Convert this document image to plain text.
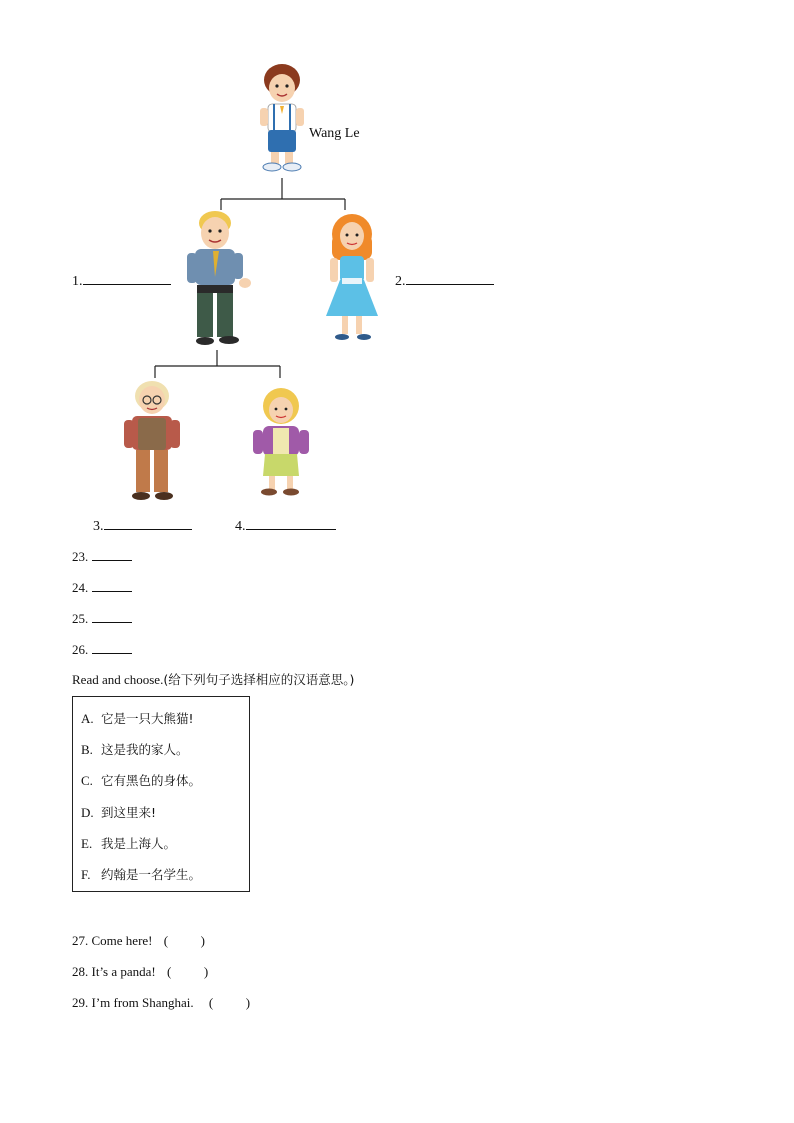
Wang Le
1.	2.
3.	4.
23.
24.
25.
26.
Read and choose.(给下列句子选择相应的汉语意思。)
A. 它是一只大熊猫!
B. 这是我的家人。
C. 它有黑色的身体。
D. 到这里来!
E. 我是上海人。
F. 约翰是一名学生。
27. Come here! (          )
28. It’s a panda! (          )
29. I’m from Shanghai. (          )
